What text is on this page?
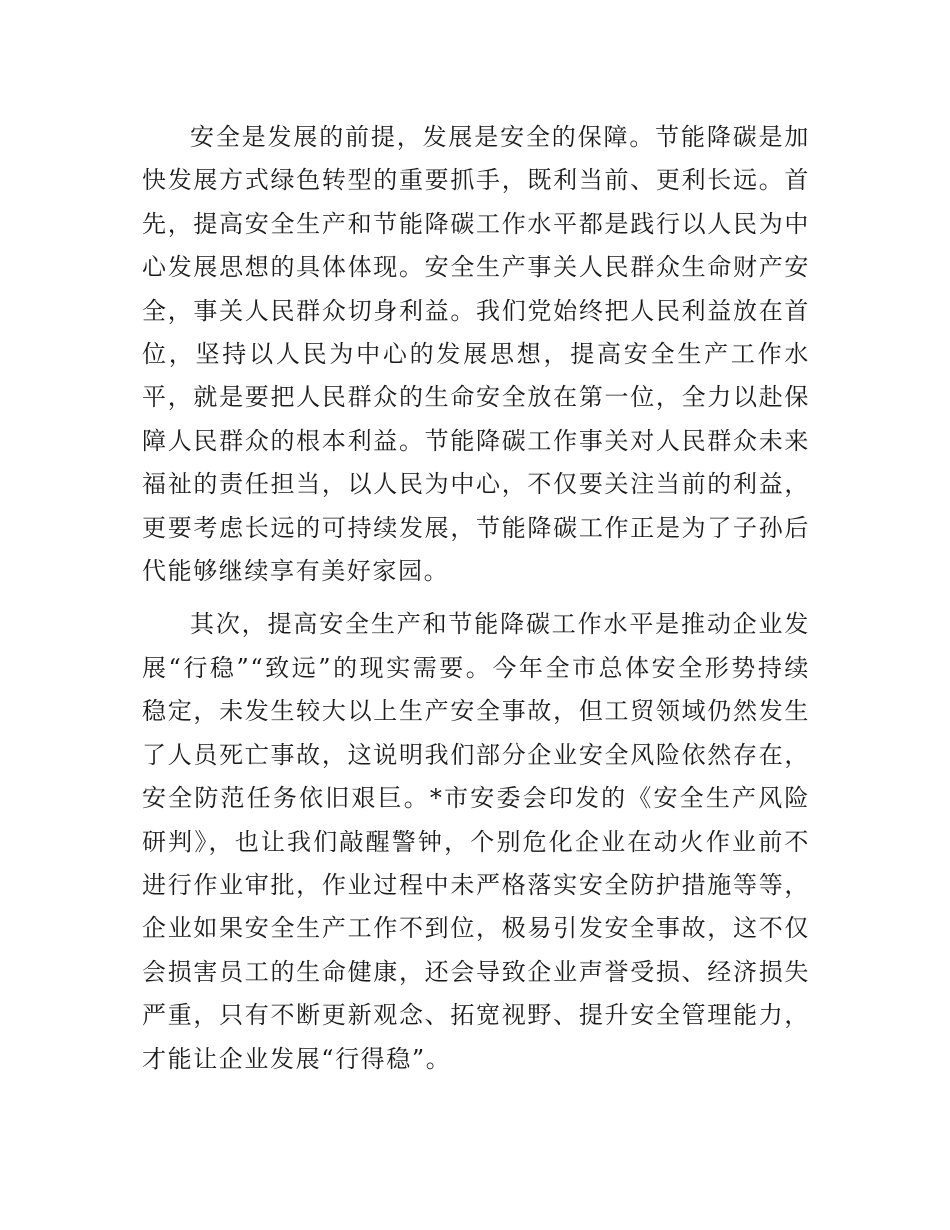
安全是发展的前提，发展是安全的保障。节能降碳是加快发展方式绿色转型的重要抓手，既利当前、更利长远。首先，提高安全生产和节能降碳工作水平都是践行以人民为中心发展思想的具体体现。安全生产事关人民群众生命财产安全，事关人民群众切身利益。我们党始终把人民利益放在首位，坚持以人民为中心的发展思想，提高安全生产工作水平，就是要把人民群众的生命安全放在第一位，全力以赴保障人民群众的根本利益。节能降碳工作事关对人民群众未来福祉的责任担当，以人民为中心，不仅要关注当前的利益，更要考虑长远的可持续发展，节能降碳工作正是为了子孙后代能够继续享有美好家园。

其次，提高安全生产和节能降碳工作水平是推动企业发展“行稳”“致远”的现实需要。今年全市总体安全形势持续稳定，未发生较大以上生产安全事故，但工贸领域仍然发生了人员死亡事故，这说明我们部分企业安全风险依然存在，安全防范任务依旧艰巨。*市安委会印发的《安全生产风险研判》，也让我们敲醒警钟，个别危化企业在动火作业前不进行作业审批，作业过程中未严格落实安全防护措施等等，企业如果安全生产工作不到位，极易引发安全事故，这不仅会损害员工的生命健康，还会导致企业声誉受损、经济损失严重，只有不断更新观念、拓宽视野、提升安全管理能力，才能让企业发展“行得稳”。
